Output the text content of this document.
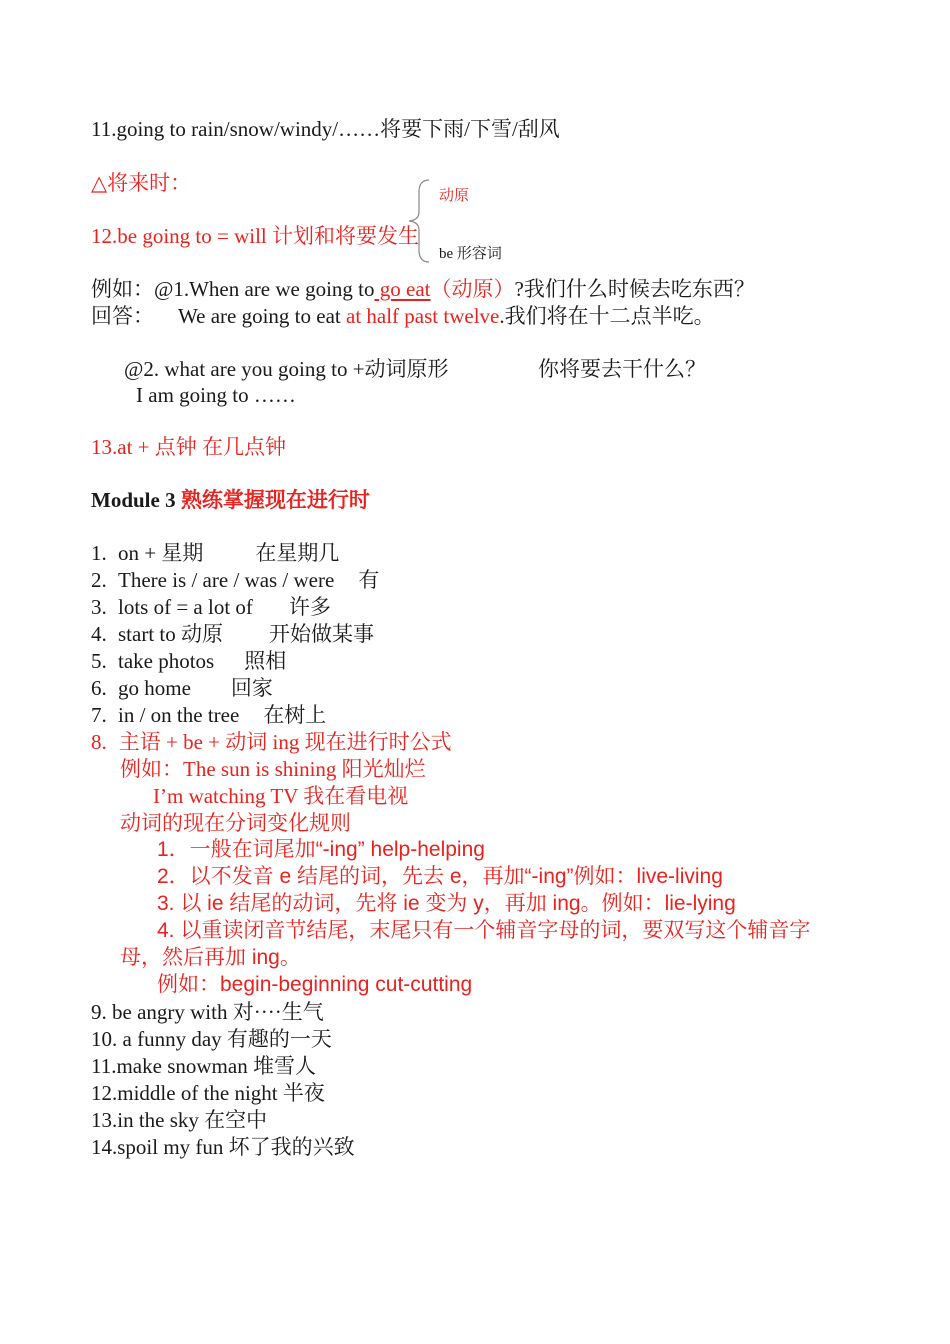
11.going to rain/snow/windy/……将要下雨/下雪/刮风
△将来时：
12.be going to = will 计划和将要发生
动原
be 形容词
例如：@1.When are we going to go eat（动原）?我们什么时候去吃东西？
回答： We are going to eat at half past twelve.我们将在十二点半吃。
@2. what are you going to +动词原形	你将要去干什么？
I am going to ……
13.at + 点钟 在几点钟
Module 3 熟练掌握现在进行时
1. on + 星期 在星期几
2. There is / are / was / were 有
3. lots of = a lot of 许多
4. start to 动原 开始做某事
5. take photos 照相
6. go home 回家
7. in / on the tree 在树上
8. 主语 + be + 动词 ing 现在进行时公式
例如：The sun is shining 阳光灿烂
I’m watching TV 我在看电视
动词的现在分词变化规则
1．一般在词尾加“-ing” help-helping
2．以不发音 e 结尾的词，先去 e，再加“-ing”例如：live-living
3. 以 ie 结尾的动词，先将 ie 变为 y，再加 ing。例如：lie-lying
4. 以重读闭音节结尾，末尾只有一个辅音字母的词，要双写这个辅音字
母，然后再加 ing。
例如：begin-beginning cut-cutting
9. be angry with 对····生气
10. a funny day 有趣的一天
11.make snowman 堆雪人
12.middle of the night 半夜
13.in the sky 在空中
14.spoil my fun 坏了我的兴致
